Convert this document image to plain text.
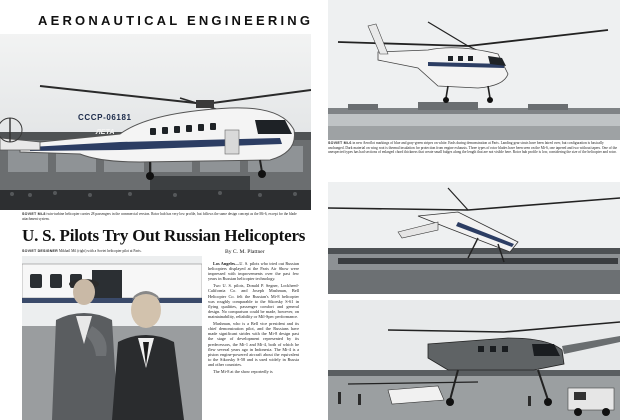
AERONAUTICAL ENGINEERING
CCCP-06181
ЛЕТА
SOVIET Mi-8 twin-turbine helicopter carries 28 passengers in the commercial version. Rotor hub has very low profile, but follows the same design concept as the Mi-6, except for the blade attachment system.
U. S. Pilots Try Out Russian Helicopters
SOVIET DESIGNER Mikhail Mil (right) with a Soviet helicopter pilot at Paris.	By C. M. Plattner

Los Angeles—U. S. pilots who tried out Russian helicopters displayed at the Paris Air Show were impressed with improvements over the past few years in Russian helicopter technology.

Two U. S. pilots, Donald P. Segner, Lockheed-California Co. and Joseph Mashman, Bell Helicopter Co. felt the Russian's Mi-8 helicopter was roughly comparable to the Sikorsky S-61 in flying qualities, passenger comfort and general design. No comparison could be made, however, on maintainability, reliability or Mil-Spec performance.

Mashman, who is a Bell vice president and its chief demonstration pilot, and the Russians have made significant strides with the Mi-8 design past the stage of development represented by its predecessors, the Mi-1 and Mi-4, both of which he flew several years ago in Indonesia. The Mi-4 is a piston engine-powered aircraft about the equivalent to the Sikorsky S-58 and is used widely in Russia and other countries.

The Mi-8 at the show reportedly is

SOVIET Mi-6 in new Aeroflot markings of blue and gray-green stripes on white. Ends during demonstration at Paris. Landing gear struts have been faired over, but configuration is basically unchanged. Dark material on wing root is thermal insulation for protection from engine exhausts. Three types of rotor blades have been seen on the Mi-6, one tapered and two without tapers. One of the unexpected types has had sections of enlarged chord thickness that create small bulges along the length that are not visible here. Rotor hub profile is low, considering the size of the helicopter and rotor.
